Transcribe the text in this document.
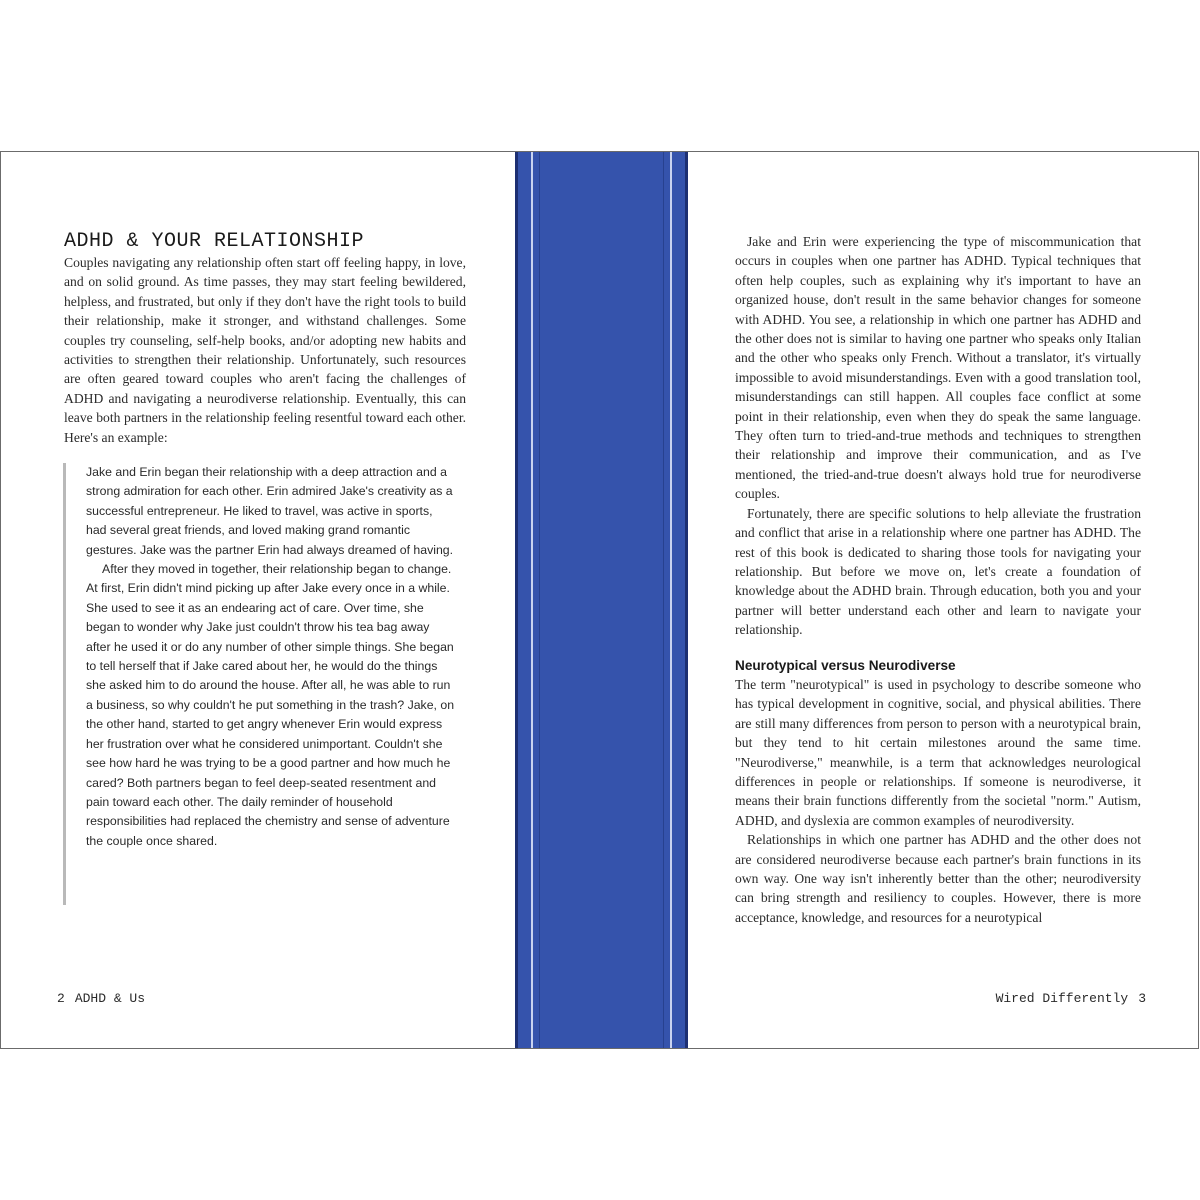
ADHD & YOUR RELATIONSHIP

Couples navigating any relationship often start off feeling happy, in love, and on solid ground. As time passes, they may start feeling bewildered, helpless, and frustrated, but only if they don't have the right tools to build their relationship, make it stronger, and withstand challenges. Some couples try counseling, self-help books, and/or adopting new habits and activities to strengthen their relationship. Unfortunately, such resources are often geared toward couples who aren't facing the challenges of ADHD and navigating a neurodiverse relationship. Eventually, this can leave both partners in the relationship feeling resentful toward each other. Here's an example:

Jake and Erin began their relationship with a deep attraction and a strong admiration for each other. Erin admired Jake's creativity as a successful entrepreneur. He liked to travel, was active in sports, had several great friends, and loved making grand romantic gestures. Jake was the partner Erin had always dreamed of having.

After they moved in together, their relationship began to change. At first, Erin didn't mind picking up after Jake every once in a while. She used to see it as an endearing act of care. Over time, she began to wonder why Jake just couldn't throw his tea bag away after he used it or do any number of other simple things. She began to tell herself that if Jake cared about her, he would do the things she asked him to do around the house. After all, he was able to run a business, so why couldn't he put something in the trash? Jake, on the other hand, started to get angry whenever Erin would express her frustration over what he considered unimportant. Couldn't she see how hard he was trying to be a good partner and how much he cared? Both partners began to feel deep-seated resentment and pain toward each other. The daily reminder of household responsibilities had replaced the chemistry and sense of adventure the couple once shared.

2 ADHD & Us

Jake and Erin were experiencing the type of miscommunication that occurs in couples when one partner has ADHD. Typical techniques that often help couples, such as explaining why it's important to have an organized house, don't result in the same behavior changes for someone with ADHD. You see, a relationship in which one partner has ADHD and the other does not is similar to having one partner who speaks only Italian and the other who speaks only French. Without a translator, it's virtually impossible to avoid misunderstandings. Even with a good translation tool, misunderstandings can still happen. All couples face conflict at some point in their relationship, even when they do speak the same language. They often turn to tried-and-true methods and techniques to strengthen their relationship and improve their communication, and as I've mentioned, the tried-and-true doesn't always hold true for neurodiverse couples.

Fortunately, there are specific solutions to help alleviate the frustration and conflict that arise in a relationship where one partner has ADHD. The rest of this book is dedicated to sharing those tools for navigating your relationship. But before we move on, let's create a foundation of knowledge about the ADHD brain. Through education, both you and your partner will better understand each other and learn to navigate your relationship.

Neurotypical versus Neurodiverse

The term "neurotypical" is used in psychology to describe someone who has typical development in cognitive, social, and physical abilities. There are still many differences from person to person with a neurotypical brain, but they tend to hit certain milestones around the same time. "Neurodiverse," meanwhile, is a term that acknowledges neurological differences in people or relationships. If someone is neurodiverse, it means their brain functions differently from the societal "norm." Autism, ADHD, and dyslexia are common examples of neurodiversity.

Relationships in which one partner has ADHD and the other does not are considered neurodiverse because each partner's brain functions in its own way. One way isn't inherently better than the other; neurodiversity can bring strength and resiliency to couples. However, there is more acceptance, knowledge, and resources for a neurotypical

Wired Differently 3
